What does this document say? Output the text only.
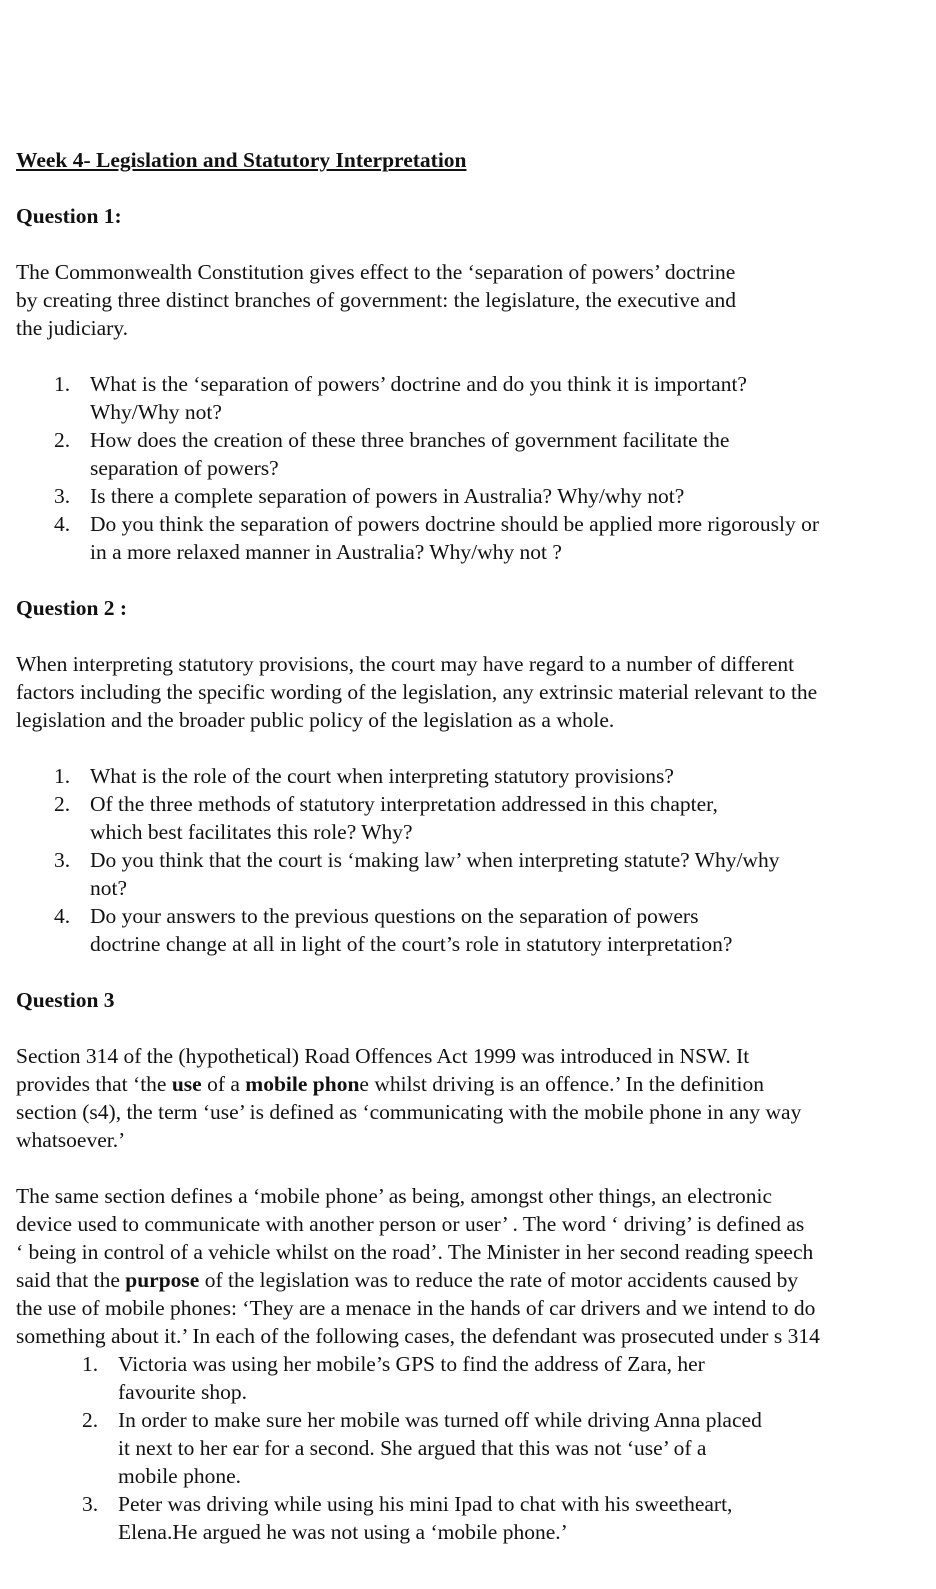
Week 4- Legislation and Statutory Interpretation
Question 1:
The Commonwealth Constitution gives effect to the ‘separation of powers’ doctrine
by creating three distinct branches of government: the legislature, the executive and
the judiciary.
1. What is the ‘separation of powers’ doctrine and do you think it is important?
Why/Why not?
2. How does the creation of these three branches of government facilitate the
separation of powers?
3. Is there a complete separation of powers in Australia? Why/why not?
4. Do you think the separation of powers doctrine should be applied more rigorously or
in a more relaxed manner in Australia? Why/why not ?
Question 2 :
When interpreting statutory provisions, the court may have regard to a number of different
factors including the specific wording of the legislation, any extrinsic material relevant to the
legislation and the broader public policy of the legislation as a whole.
1. What is the role of the court when interpreting statutory provisions?
2. Of the three methods of statutory interpretation addressed in this chapter,
which best facilitates this role? Why?
3. Do you think that the court is ‘making law’ when interpreting statute? Why/why
not?
4. Do your answers to the previous questions on the separation of powers
doctrine change at all in light of the court’s role in statutory interpretation?
Question 3
Section 314 of the (hypothetical) Road Offences Act 1999 was introduced in NSW. It
provides that ‘the use of a mobile phone whilst driving is an offence.’ In the definition
section (s4), the term ‘use’ is defined as ‘communicating with the mobile phone in any way
whatsoever.’
The same section defines a ‘mobile phone’ as being, amongst other things, an electronic
device used to communicate with another person or user’ . The word ‘ driving’ is defined as
‘ being in control of a vehicle whilst on the road’. The Minister in her second reading speech
said that the purpose of the legislation was to reduce the rate of motor accidents caused by
the use of mobile phones: ‘They are a menace in the hands of car drivers and we intend to do
something about it.’ In each of the following cases, the defendant was prosecuted under s 314
1. Victoria was using her mobile’s GPS to find the address of Zara, her
favourite shop.
2. In order to make sure her mobile was turned off while driving Anna placed
it next to her ear for a second. She argued that this was not ‘use’ of a
mobile phone.
3. Peter was driving while using his mini Ipad to chat with his sweetheart,
Elena.He argued he was not using a ‘mobile phone.’
